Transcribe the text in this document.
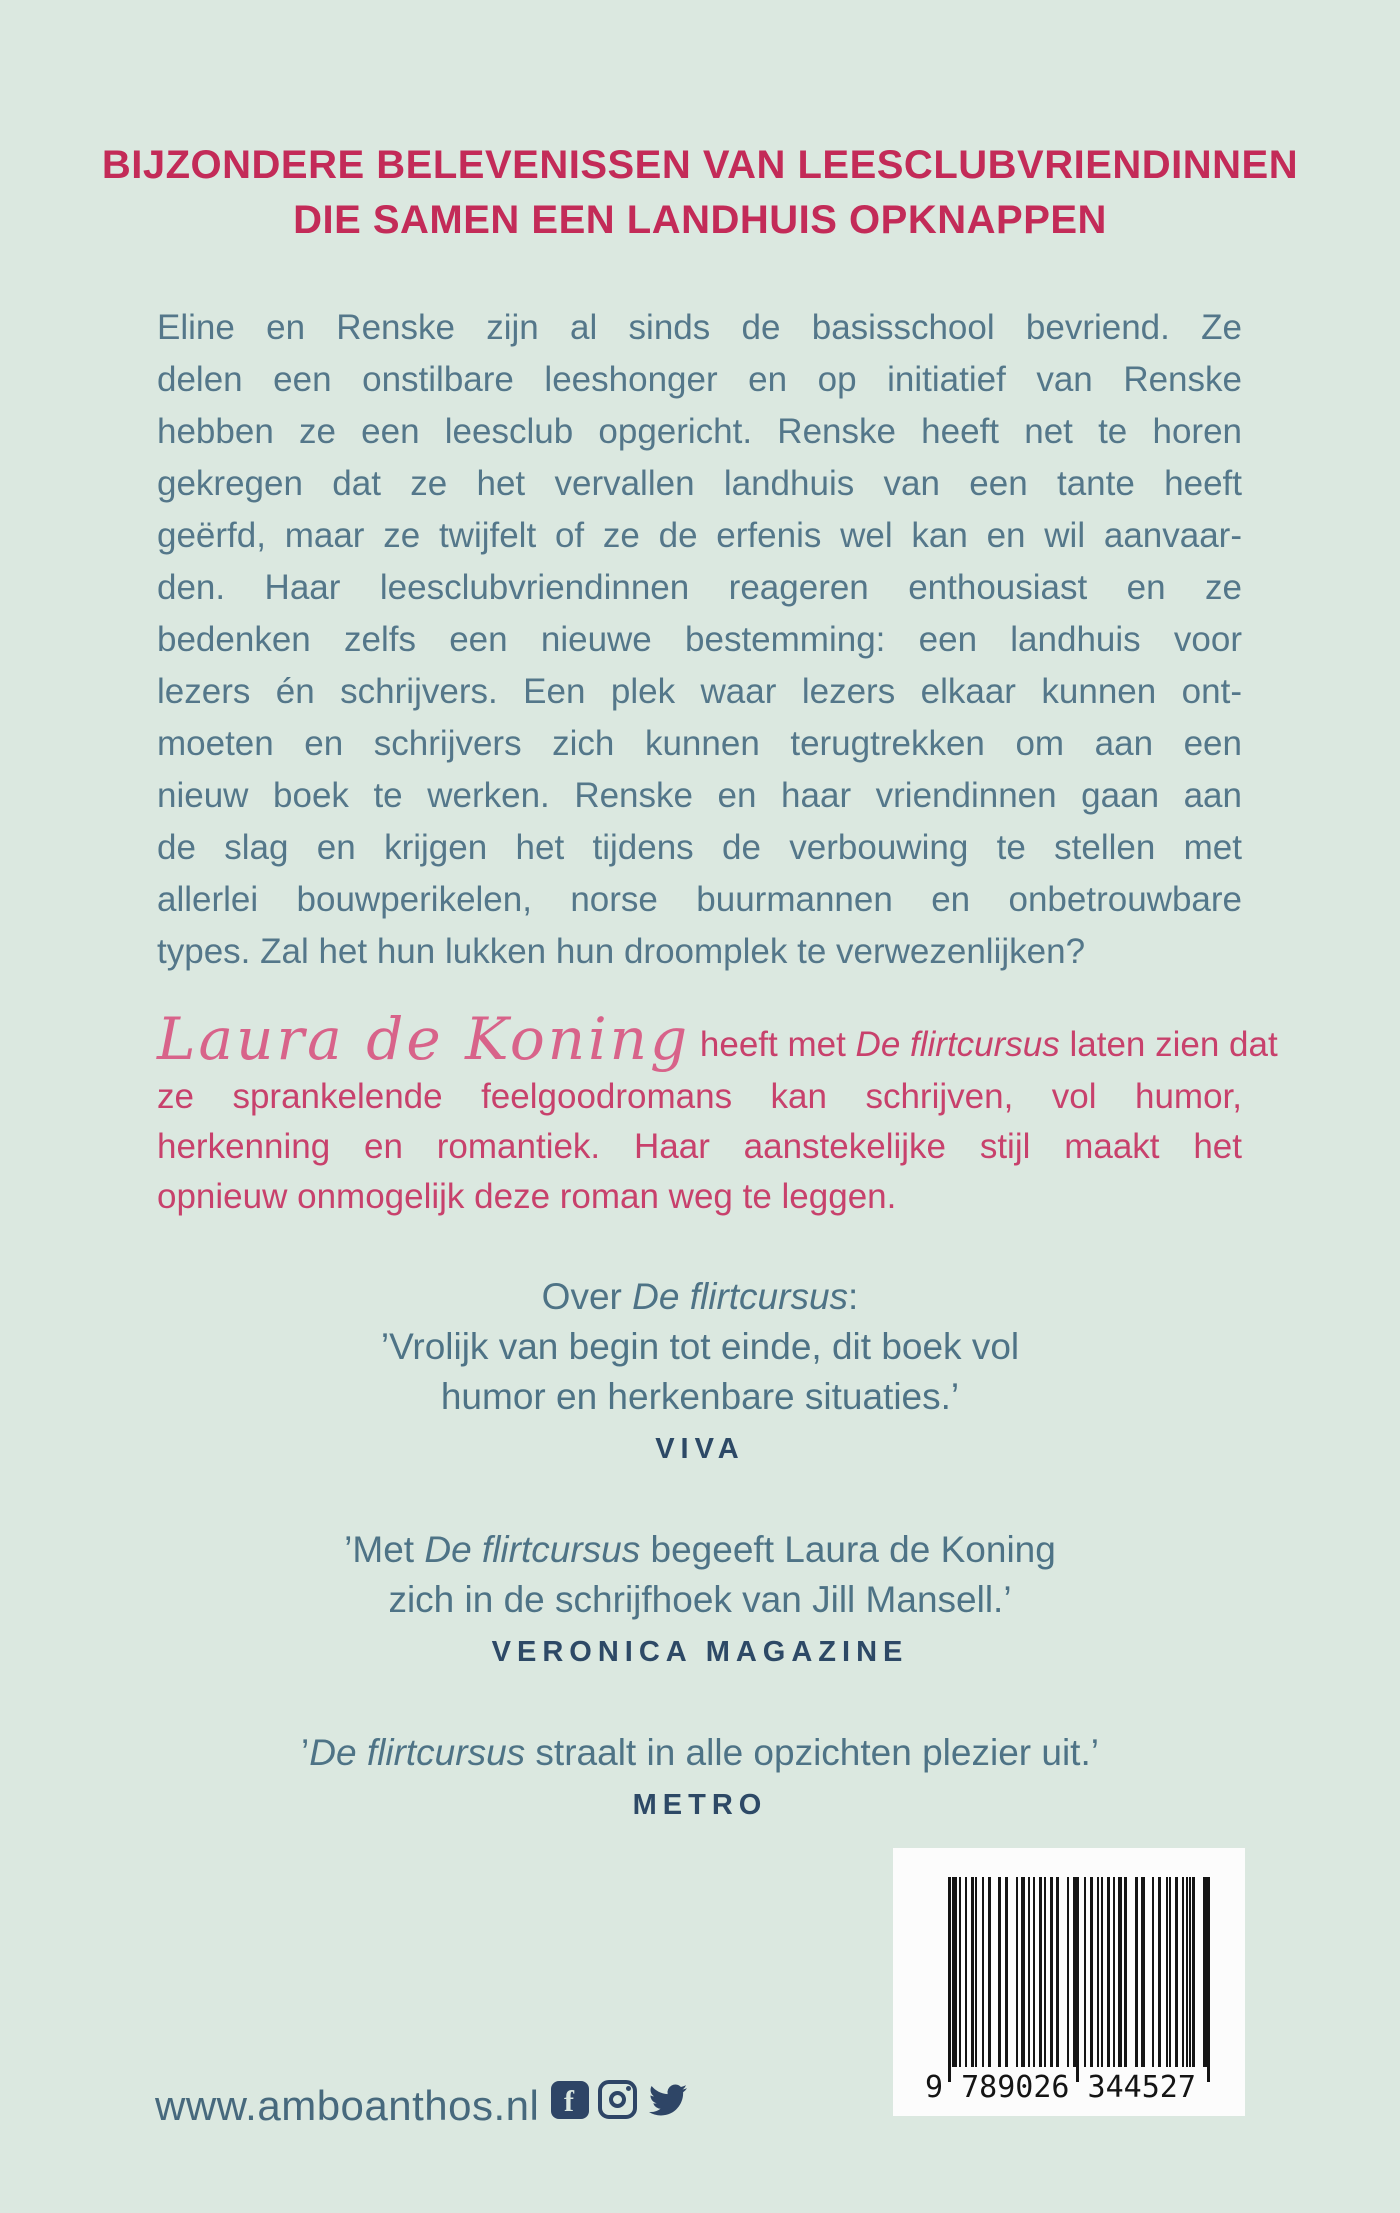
BIJZONDERE BELEVENISSEN VAN LEESCLUBVRIENDINNEN
DIE SAMEN EEN LANDHUIS OPKNAPPEN
Eline en Renske zijn al sinds de basisschool bevriend. Ze
delen een onstilbare leeshonger en op initiatief van Renske
hebben ze een leesclub opgericht. Renske heeft net te horen
gekregen dat ze het vervallen landhuis van een tante heeft
geërfd, maar ze twijfelt of ze de erfenis wel kan en wil aanvaar-
den. Haar leesclubvriendinnen reageren enthousiast en ze
bedenken zelfs een nieuwe bestemming: een landhuis voor
lezers én schrijvers. Een plek waar lezers elkaar kunnen ont-
moeten en schrijvers zich kunnen terugtrekken om aan een
nieuw boek te werken. Renske en haar vriendinnen gaan aan
de slag en krijgen het tijdens de verbouwing te stellen met
allerlei bouwperikelen, norse buurmannen en onbetrouwbare
types. Zal het hun lukken hun droomplek te verwezenlijken?
Laura de Koning heeft met De flirtcursus laten zien dat
ze sprankelende feelgoodromans kan schrijven, vol humor,
herkenning en romantiek. Haar aanstekelijke stijl maakt het
opnieuw onmogelijk deze roman weg te leggen.
Over De flirtcursus:
’Vrolijk van begin tot einde, dit boek vol
humor en herkenbare situaties.’
VIVA
’Met De flirtcursus begeeft Laura de Koning
zich in de schrijfhoek van Jill Mansell.’
VERONICA MAGAZINE
’De flirtcursus straalt in alle opzichten plezier uit.’
METRO
9 789026 344527
www.amboanthos.nl
f
